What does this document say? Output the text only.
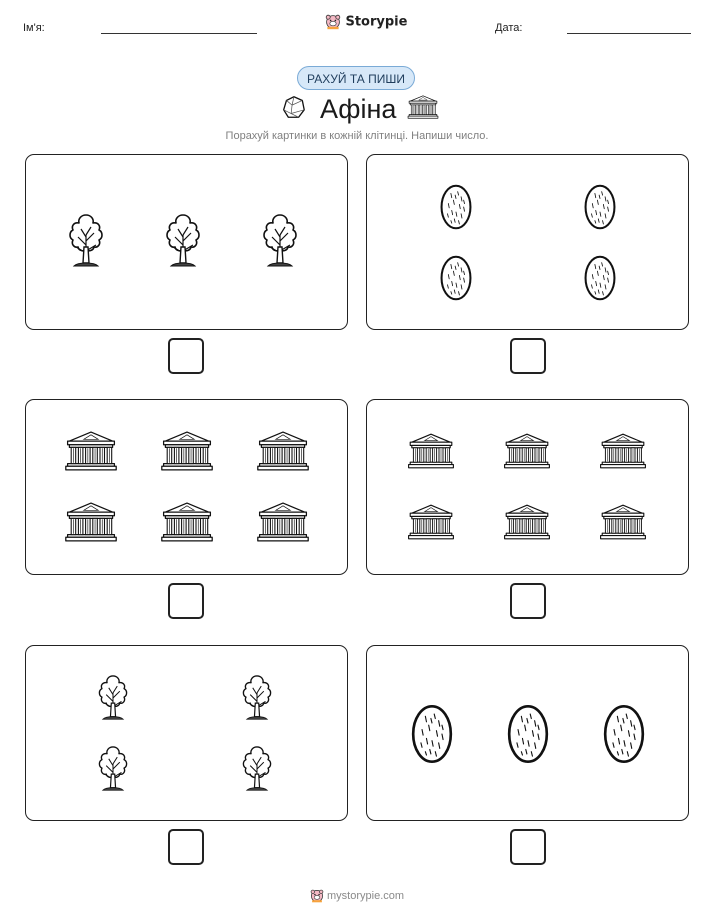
Ім'я:	Storypie	Дата:
РАХУЙ ТА ПИШИ
Афіна
Порахуй картинки в кожній клітинці. Напиши число.
mystorypie.com
